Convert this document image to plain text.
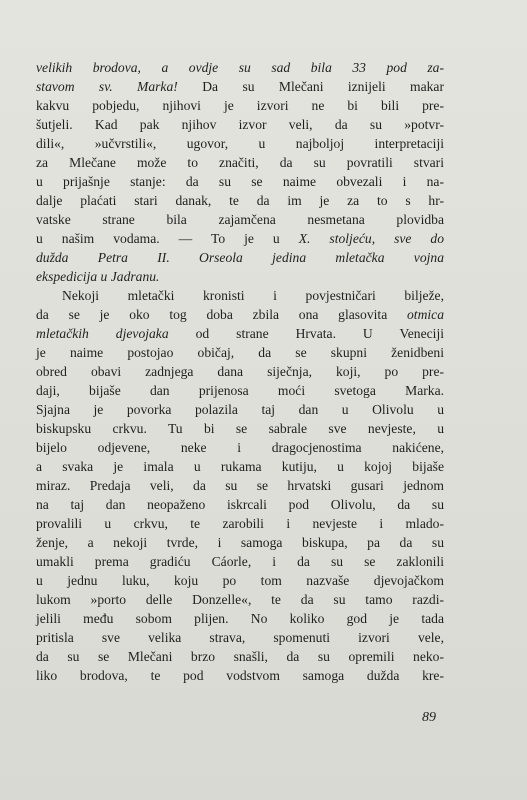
velikih brodova, a ovdje su sad bila 33 pod za-
stavom sv. Marka! Da su Mlečani iznijeli makar
kakvu pobjedu, njihovi je izvori ne bi bili pre-
šutjeli. Kad pak njihov izvor veli, da su »potvr-
dili«, »učvrstili«, ugovor, u najboljoj interpretaciji
za Mlečane može to značiti, da su povratili stvari
u prijašnje stanje: da su se naime obvezali i na-
dalje plaćati stari danak, te da im je za to s hr-
vatske strane bila zajamčena nesmetana plovidba
u našim vodama. — To je u X. stoljeću, sve do
dužda Petra II. Orseola jedina mletačka vojna
ekspedicija u Jadranu.
Nekoji mletački kronisti i povjestničari bilježe,
da se je oko tog doba zbila ona glasovita otmica
mletačkih djevojaka od strane Hrvata. U Veneciji
je naime postojao običaj, da se skupni ženidbeni
obred obavi zadnjega dana siječnja, koji, po pre-
daji, bijaše dan prijenosa moći svetoga Marka.
Sjajna je povorka polazila taj dan u Olivolu u
biskupsku crkvu. Tu bi se sabrale sve nevjeste, u
bijelo odjevene, neke i dragocjenostima nakićene,
a svaka je imala u rukama kutiju, u kojoj bijaše
miraz. Predaja veli, da su se hrvatski gusari jednom
na taj dan neopaženo iskrcali pod Olivolu, da su
provalili u crkvu, te zarobili i nevjeste i mlado-
ženje, a nekoji tvrde, i samoga biskupa, pa da su
umakli prema gradiću Cáorle, i da su se zaklonili
u jednu luku, koju po tom nazvaše djevojačkom
lukom »porto delle Donzelle«, te da su tamo razdi-
jelili među sobom plijen. No koliko god je tada
pritisla sve velika strava, spomenuti izvori vele,
da su se Mlečani brzo snašli, da su opremili neko-
liko brodova, te pod vodstvom samoga dužda kre-
89
